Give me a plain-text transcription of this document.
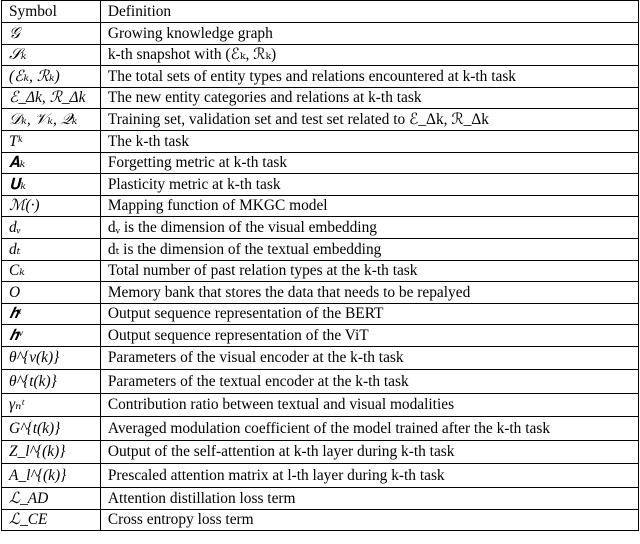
Symbol	Definition
𝒢	Growing knowledge graph
𝒮ₖ	k-th snapshot with (ℰₖ, ℛₖ)
(ℰₖ, ℛₖ)	The total sets of entity types and relations encountered at k-th task
ℰ_Δk, ℛ_Δk	The new entity categories and relations at k-th task
𝒟ₖ, 𝒱ₖ, 𝒬ₖ	Training set, validation set and test set related to ℰ_Δk, ℛ_Δk
Tᵏ	The k-th task
𝐀ₖ	Forgetting metric at k-th task
𝐔ₖ	Plasticity metric at k-th task
ℳ(·)	Mapping function of MKGC model
dᵥ	dᵥ is the dimension of the visual embedding
dₜ	dₜ is the dimension of the textual embedding
Cₖ	Total number of past relation types at the k-th task
O	Memory bank that stores the data that needs to be repalyed
𝒉ᵗ	Output sequence representation of the BERT
𝒉ᵛ	Output sequence representation of the ViT
θ^{v(k)}	Parameters of the visual encoder at the k-th task
θ^{t(k)}	Parameters of the textual encoder at the k-th task
γₙᵗ	Contribution ratio between textual and visual modalities
G^{t(k)}	Averaged modulation coefficient of the model trained after the k-th task
Z_l^{(k)}	Output of the self-attention at k-th layer during k-th task
A_l^{(k)}	Prescaled attention matrix at l-th layer during k-th task
ℒ_AD	Attention distillation loss term
ℒ_CE	Cross entropy loss term
